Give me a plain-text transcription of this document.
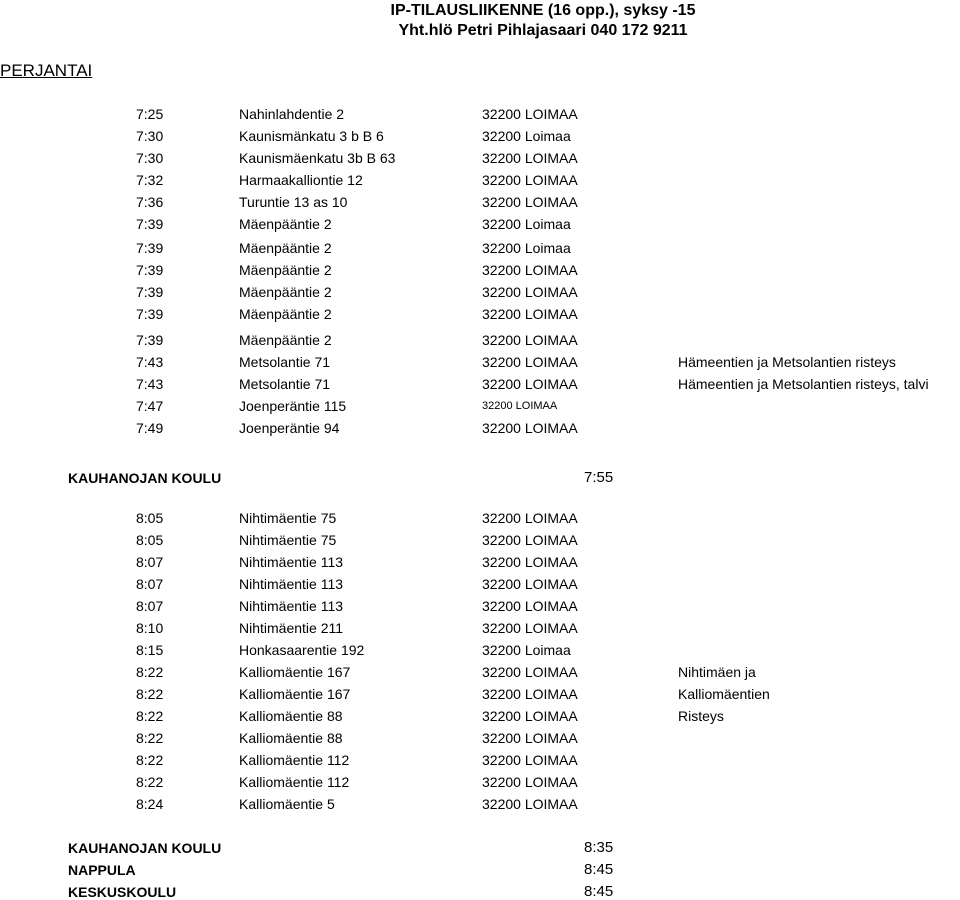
IP-TILAUSLIIKENNE (16 opp.), syksy -15
Yht.hlö Petri Pihlajasaari 040 172 9211
PERJANTAI
7:25	Nahinlahdentie 2	32200 LOIMAA
7:30	Kaunismänkatu 3 b B 6	32200 Loimaa
7:30	Kaunismäenkatu 3b B 63	32200 LOIMAA
7:32	Harmaakalliontie 12	32200 LOIMAA
7:36	Turuntie 13 as 10	32200 LOIMAA
7:39	Mäenpääntie 2	32200 Loimaa
7:39	Mäenpääntie 2	32200 Loimaa
7:39	Mäenpääntie 2	32200 LOIMAA
7:39	Mäenpääntie 2	32200 LOIMAA
7:39	Mäenpääntie 2	32200 LOIMAA
7:39	Mäenpääntie 2	32200 LOIMAA
7:43	Metsolantie 71	32200 LOIMAA	Hämeentien ja Metsolantien risteys
7:43	Metsolantie 71	32200 LOIMAA	Hämeentien ja Metsolantien risteys, talvi
7:47	Joenperäntie 115	32200 LOIMAA
7:49	Joenperäntie 94	32200 LOIMAA
KAUHANOJAN KOULU	7:55
8:05	Nihtimäentie 75	32200 LOIMAA
8:05	Nihtimäentie 75	32200 LOIMAA
8:07	Nihtimäentie 113	32200 LOIMAA
8:07	Nihtimäentie 113	32200 LOIMAA
8:07	Nihtimäentie 113	32200 LOIMAA
8:10	Nihtimäentie 211	32200 LOIMAA
8:15	Honkasaarentie 192	32200 Loimaa
8:22	Kalliomäentie 167	32200 LOIMAA	Nihtimäen ja
8:22	Kalliomäentie 167	32200 LOIMAA	Kalliomäentien
8:22	Kalliomäentie 88	32200 LOIMAA	Risteys
8:22	Kalliomäentie 88	32200 LOIMAA
8:22	Kalliomäentie 112	32200 LOIMAA
8:22	Kalliomäentie 112	32200 LOIMAA
8:24	Kalliomäentie 5	32200 LOIMAA
KAUHANOJAN KOULU	8:35
NAPPULA	8:45
KESKUSKOULU	8:45
